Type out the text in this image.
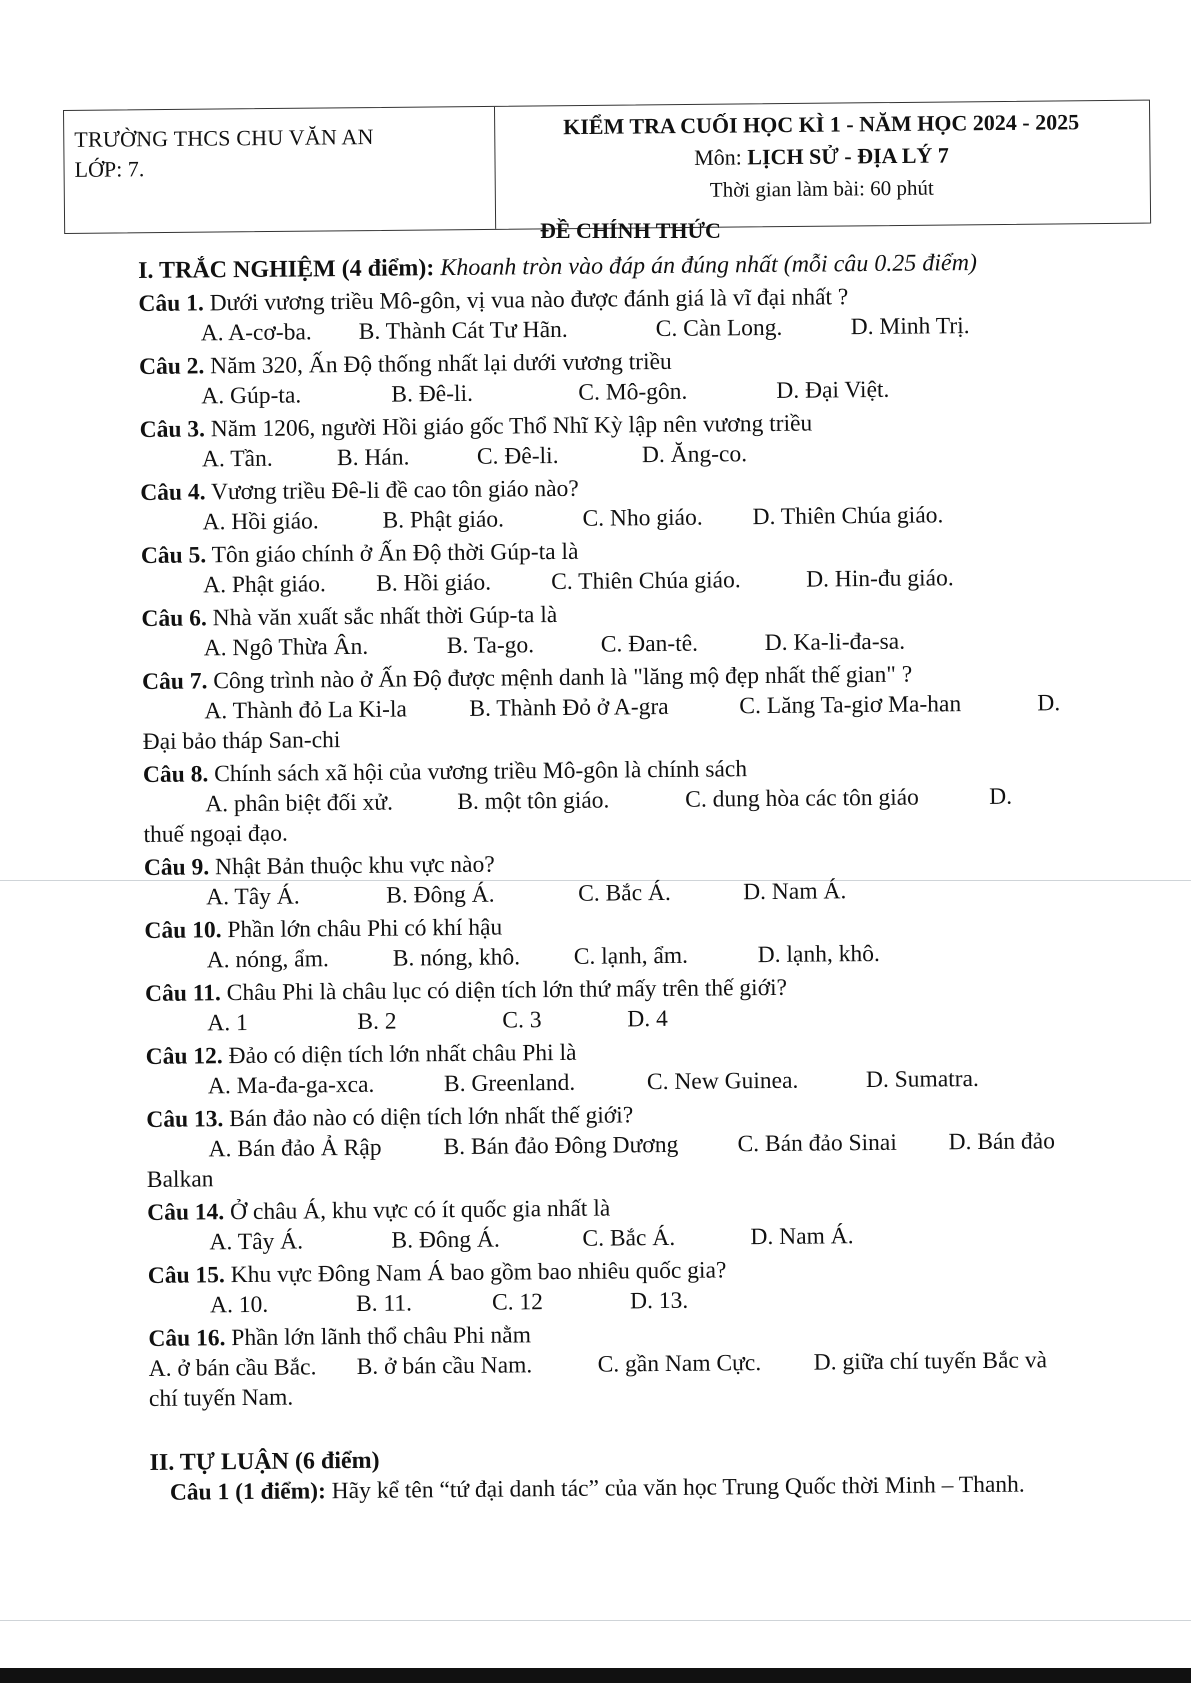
TRƯỜNG THCS CHU VĂN AN
LỚP: 7.
KIỂM TRA CUỐI HỌC KÌ 1 - NĂM HỌC 2024 - 2025
Môn: LỊCH SỬ - ĐỊA LÝ 7
Thời gian làm bài: 60 phút
ĐỀ CHÍNH THỨC
I. TRẮC NGHIỆM (4 điểm): Khoanh tròn vào đáp án đúng nhất (mỗi câu 0.25 điểm)
Câu 1. Dưới vương triều Mô-gôn, vị vua nào được đánh giá là vĩ đại nhất ?
A. A-cơ-ba. B. Thành Cát Tư Hãn.	C. Càn Long.	D. Minh Trị.
Câu 2. Năm 320, Ấn Độ thống nhất lại dưới vương triều
A. Gúp-ta.	B. Đê-li.	C. Mô-gôn.	D. Đại Việt.
Câu 3. Năm 1206, người Hồi giáo gốc Thổ Nhĩ Kỳ lập nên vương triều
A. Tần.	B. Hán.	C. Đê-li.	D. Ăng-co.
Câu 4. Vương triều Đê-li đề cao tôn giáo nào?
A. Hồi giáo.	B. Phật giáo.	C. Nho giáo. D. Thiên Chúa giáo.
Câu 5. Tôn giáo chính ở Ấn Độ thời Gúp-ta là
A. Phật giáo. B. Hồi giáo.	C. Thiên Chúa giáo.	D. Hin-đu giáo.
Câu 6. Nhà văn xuất sắc nhất thời Gúp-ta là
A. Ngô Thừa Ân.	B. Ta-go.	C. Đan-tê.	D. Ka-li-đa-sa.
Câu 7. Công trình nào ở Ấn Độ được mệnh danh là "lăng mộ đẹp nhất thế gian" ?
A. Thành đỏ La Ki-la	B. Thành Đỏ ở A-gra	C. Lăng Ta-giơ Ma-han	D.
Đại bảo tháp San-chi
Câu 8. Chính sách xã hội của vương triều Mô-gôn là chính sách
A. phân biệt đối xử.	B. một tôn giáo.	C. dung hòa các tôn giáo	D.
thuế ngoại đạo.
Câu 9. Nhật Bản thuộc khu vực nào?
A. Tây Á.	B. Đông Á.	C. Bắc Á.	D. Nam Á.
Câu 10. Phần lớn châu Phi có khí hậu
A. nóng, ẩm.	B. nóng, khô. C. lạnh, ẩm.	D. lạnh, khô.
Câu 11. Châu Phi là châu lục có diện tích lớn thứ mấy trên thế giới?
A. 1	B. 2	C. 3	D. 4
Câu 12. Đảo có diện tích lớn nhất châu Phi là
A. Ma-đa-ga-xca.	B. Greenland.	C. New Guinea.	D. Sumatra.
Câu 13. Bán đảo nào có diện tích lớn nhất thế giới?
A. Bán đảo Ả Rập	B. Bán đảo Đông Dương	C. Bán đảo Sinai D. Bán đảo
Balkan
Câu 14. Ở châu Á, khu vực có ít quốc gia nhất là
A. Tây Á.	B. Đông Á.	C. Bắc Á.	D. Nam Á.
Câu 15. Khu vực Đông Nam Á bao gồm bao nhiêu quốc gia?
A. 10.	B. 11.	C. 12	D. 13.
Câu 16. Phần lớn lãnh thổ châu Phi nằm
A. ở bán cầu Bắc. B. ở bán cầu Nam.	C. gần Nam Cực. D. giữa chí tuyến Bắc và
chí tuyến Nam.
II. TỰ LUẬN (6 điểm)
Câu 1 (1 điểm): Hãy kể tên “tứ đại danh tác” của văn học Trung Quốc thời Minh – Thanh.
